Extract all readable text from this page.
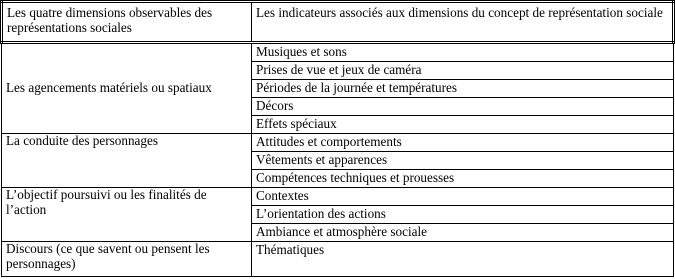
Les quatre dimensions observables des représentations sociales	Les indicateurs associés aux dimensions du concept de représentation sociale
Les agencements matériels ou spatiaux	Musiques et sons
	Prises de vue et jeux de caméra
	Périodes de la journée et températures
	Décors
	Effets spéciaux
La conduite des personnages	Attitudes et comportements
	Vêtements et apparences
	Compétences techniques et prouesses
L’objectif poursuivi ou les finalités de l’action	Contextes
	L’orientation des actions
	Ambiance et atmosphère sociale
Discours (ce que savent ou pensent les personnages)	Thématiques
